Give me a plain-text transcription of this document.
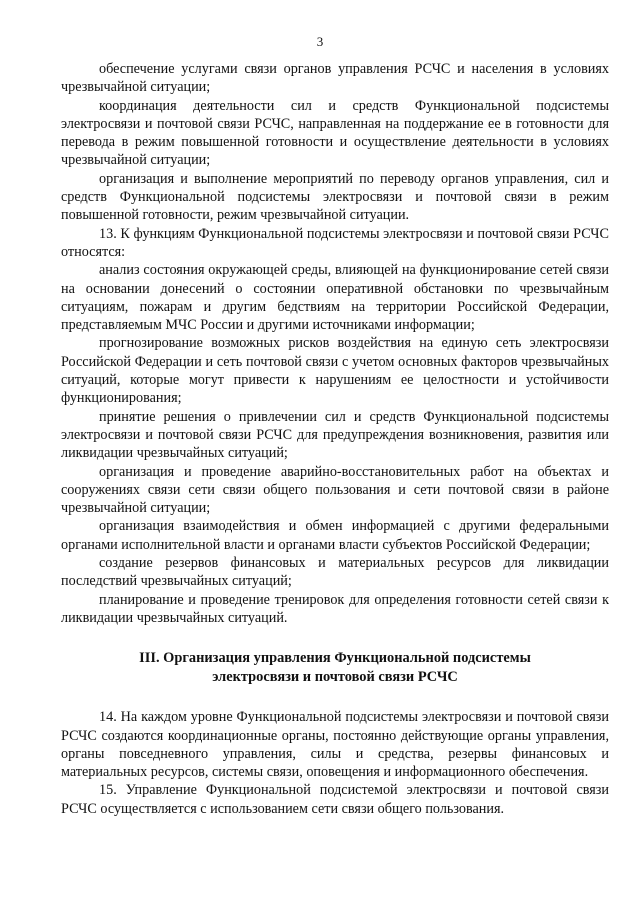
3

обеспечение услугами связи органов управления РСЧС и населения в условиях чрезвычайной ситуации;

координация деятельности сил и средств Функциональной подсистемы электросвязи и почтовой связи РСЧС, направленная на поддержание ее в готовности для перевода в режим повышенной готовности и осуществление деятельности в условиях чрезвычайной ситуации;

организация и выполнение мероприятий по переводу органов управления, сил и средств Функциональной подсистемы электросвязи и почтовой связи в режим повышенной готовности, режим чрезвычайной ситуации.

13. К функциям Функциональной подсистемы электросвязи и почтовой связи РСЧС относятся:

анализ состояния окружающей среды, влияющей на функционирование сетей связи на основании донесений о состоянии оперативной обстановки по чрезвычайным ситуациям, пожарам и другим бедствиям на территории Российской Федерации, представляемым МЧС России и другими источниками информации;

прогнозирование возможных рисков воздействия на единую сеть электросвязи Российской Федерации и сеть почтовой связи с учетом основных факторов чрезвычайных ситуаций, которые могут привести к нарушениям ее целостности и устойчивости функционирования;

принятие решения о привлечении сил и средств Функциональной подсистемы электросвязи и почтовой связи РСЧС для предупреждения возникновения, развития или ликвидации чрезвычайных ситуаций;

организация и проведение аварийно-восстановительных работ на объектах и сооружениях связи сети связи общего пользования и сети почтовой связи в районе чрезвычайной ситуации;

организация взаимодействия и обмен информацией с другими федеральными органами исполнительной власти и органами власти субъектов Российской Федерации;

создание резервов финансовых и материальных ресурсов для ликвидации последствий чрезвычайных ситуаций;

планирование и проведение тренировок для определения готовности сетей связи к ликвидации чрезвычайных ситуаций.

III. Организация управления Функциональной подсистемы
электросвязи и почтовой связи РСЧС

14. На каждом уровне Функциональной подсистемы электросвязи и почтовой связи РСЧС создаются координационные органы, постоянно действующие органы управления, органы повседневного управления, силы и средства, резервы финансовых и материальных ресурсов, системы связи, оповещения и информационного обеспечения.

15. Управление Функциональной подсистемой электросвязи и почтовой связи РСЧС осуществляется с использованием сети связи общего пользования.
